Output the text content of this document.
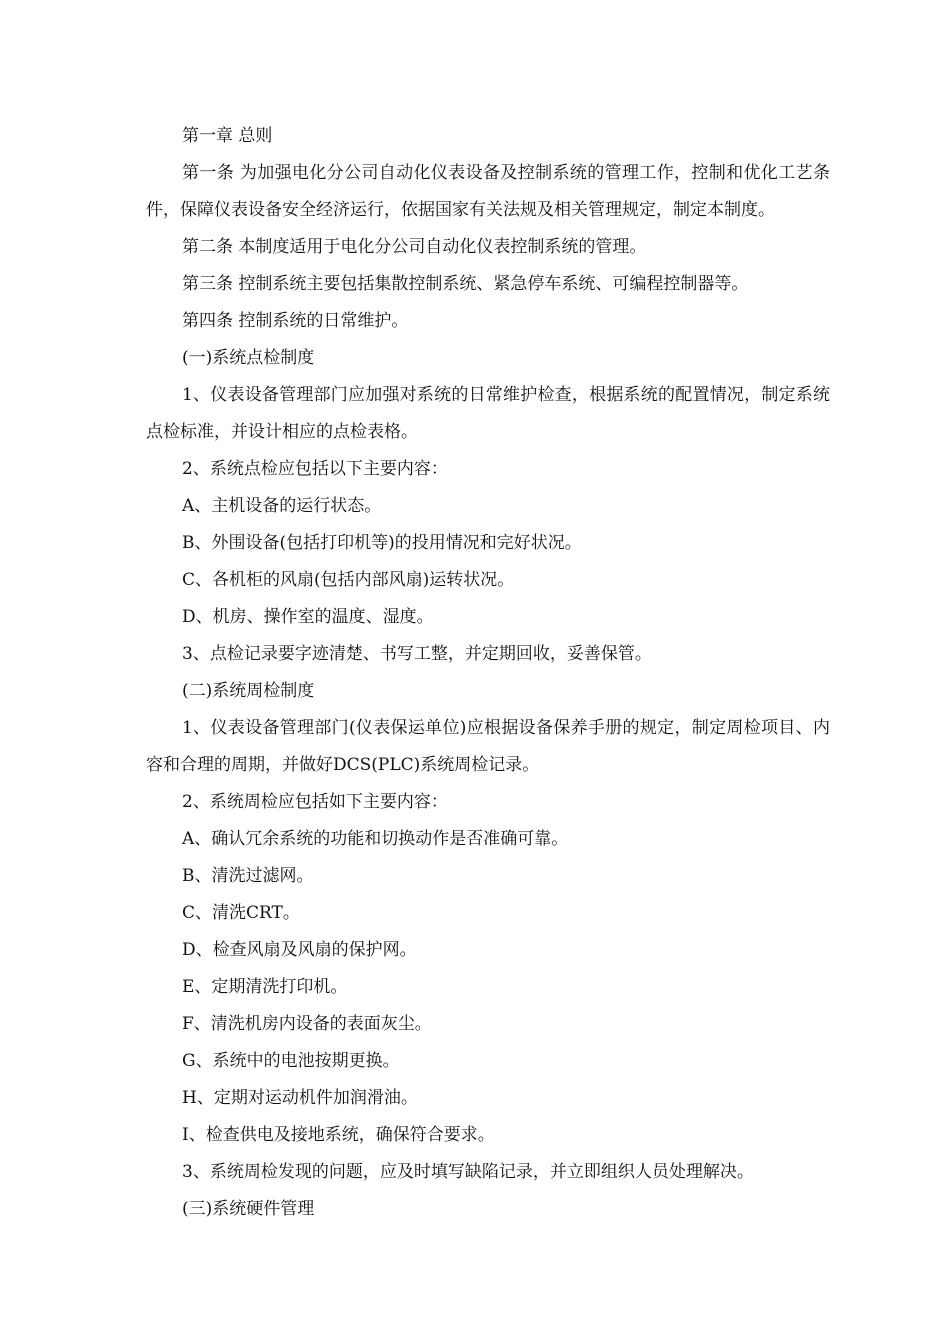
第一章 总则

第一条 为加强电化分公司自动化仪表设备及控制系统的管理工作，控制和优化工艺条件，保障仪表设备安全经济运行，依据国家有关法规及相关管理规定，制定本制度。

第二条 本制度适用于电化分公司自动化仪表控制系统的管理。

第三条 控制系统主要包括集散控制系统、紧急停车系统、可编程控制器等。

第四条 控制系统的日常维护。

(一)系统点检制度

1、仪表设备管理部门应加强对系统的日常维护检查，根据系统的配置情况，制定系统点检标准，并设计相应的点检表格。

2、系统点检应包括以下主要内容：

A、主机设备的运行状态。

B、外围设备(包括打印机等)的投用情况和完好状况。

C、各机柜的风扇(包括内部风扇)运转状况。

D、机房、操作室的温度、湿度。

3、点检记录要字迹清楚、书写工整，并定期回收，妥善保管。

(二)系统周检制度

1、仪表设备管理部门(仪表保运单位)应根据设备保养手册的规定，制定周检项目、内容和合理的周期，并做好DCS(PLC)系统周检记录。

2、系统周检应包括如下主要内容：

A、确认冗余系统的功能和切换动作是否准确可靠。

B、清洗过滤网。

C、清洗CRT。

D、检查风扇及风扇的保护网。

E、定期清洗打印机。

F、清洗机房内设备的表面灰尘。

G、系统中的电池按期更换。

H、定期对运动机件加润滑油。

I、检查供电及接地系统，确保符合要求。

3、系统周检发现的问题，应及时填写缺陷记录，并立即组织人员处理解决。

(三)系统硬件管理
